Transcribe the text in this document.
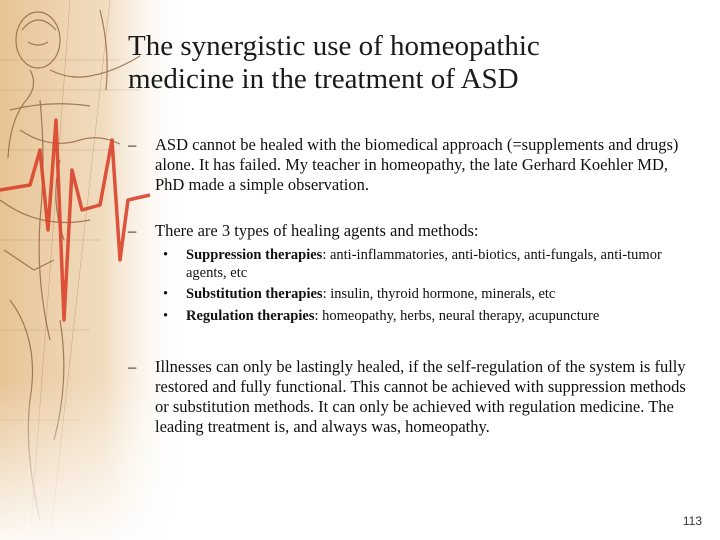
The synergistic use of homeopathic
medicine in the treatment of ASD
– ASD cannot be healed with the biomedical approach (=supplements and drugs) alone. It has failed. My teacher in homeopathy, the late Gerhard Koehler MD, PhD made a simple observation.
– There are 3 types of healing agents and methods:
• Suppression therapies: anti-inflammatories, anti-biotics, anti-fungals, anti-tumor agents, etc
• Substitution therapies: insulin, thyroid hormone, minerals, etc
• Regulation therapies: homeopathy, herbs, neural therapy, acupuncture
– Illnesses can only be lastingly healed, if the self-regulation of the system is fully restored and fully functional. This cannot be achieved with suppression methods or substitution methods. It can only be achieved with regulation medicine. The leading treatment is, and always was, homeopathy.
113
